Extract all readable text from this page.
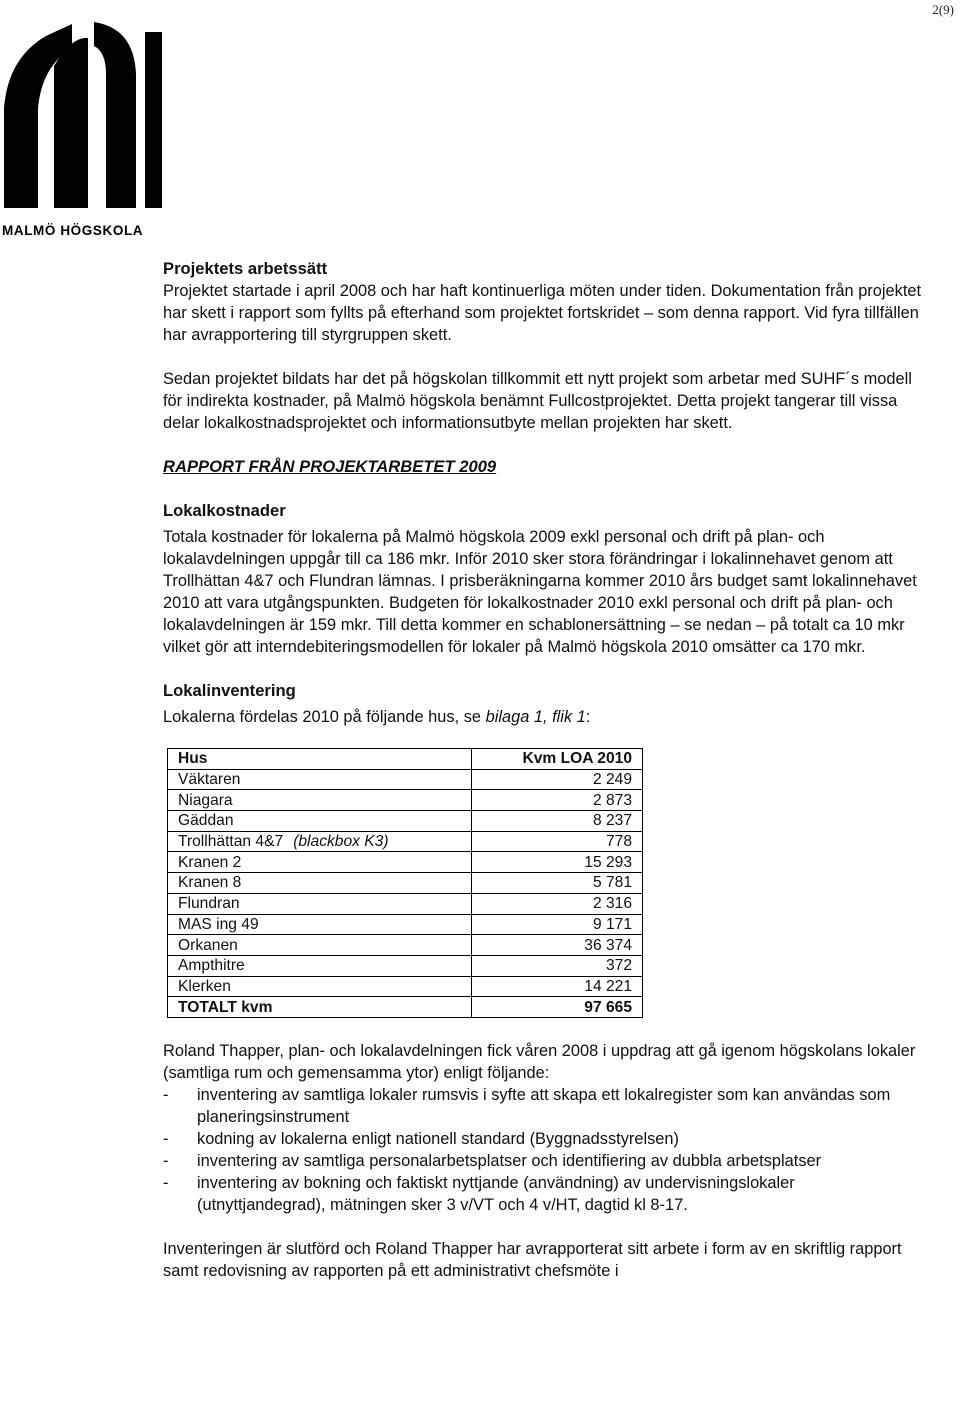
2(9)
MALMÖ HÖGSKOLA
Projektets arbetssätt

Projektet startade i april 2008 och har haft kontinuerliga möten under tiden. Dokumentation från projektet har skett i rapport som fyllts på efterhand som projektet fortskridet – som denna rapport. Vid fyra tillfällen har avrapportering till styrgruppen skett.

Sedan projektet bildats har det på högskolan tillkommit ett nytt projekt som arbetar med SUHF´s modell för indirekta kostnader, på Malmö högskola benämnt Fullcostprojektet. Detta projekt tangerar till vissa delar lokalkostnadsprojektet och informationsutbyte mellan projekten har skett.

RAPPORT FRÅN PROJEKTARBETET 2009
Lokalkostnader

Totala kostnader för lokalerna på Malmö högskola 2009 exkl personal och drift på plan- och lokalavdelningen uppgår till ca 186 mkr. Inför 2010 sker stora förändringar i lokalinnehavet genom att Trollhättan 4&7 och Flundran lämnas. I prisberäkningarna kommer 2010 års budget samt lokalinnehavet 2010 att vara utgångspunkten. Budgeten för lokalkostnader 2010 exkl personal och drift på plan- och lokalavdelningen är 159 mkr. Till detta kommer en schablonersättning – se nedan – på totalt ca 10 mkr vilket gör att interndebiteringsmodellen för lokaler på Malmö högskola 2010 omsätter ca 170 mkr.

Lokalinventering

Lokalerna fördelas 2010 på följande hus, se bilaga 1, flik 1:

Hus	Kvm LOA 2010
Väktaren	2 249
Niagara	2 873
Gäddan	8 237
Trollhättan 4&7 (blackbox K3)	778
Kranen 2	15 293
Kranen 8	5 781
Flundran	2 316
MAS ing 49	9 171
Orkanen	36 374
Ampthitre	372
Klerken	14 221
TOTALT kvm	97 665

Roland Thapper, plan- och lokalavdelningen fick våren 2008 i uppdrag att gå igenom högskolans lokaler (samtliga rum och gemensamma ytor) enligt följande:

- inventering av samtliga lokaler rumsvis i syfte att skapa ett lokalregister som kan användas som planeringsinstrument
- kodning av lokalerna enligt nationell standard (Byggnadsstyrelsen)
- inventering av samtliga personalarbetsplatser och identifiering av dubbla arbetsplatser
- inventering av bokning och faktiskt nyttjande (användning) av undervisningslokaler (utnyttjandegrad), mätningen sker 3 v/VT och 4 v/HT, dagtid kl 8-17.

Inventeringen är slutförd och Roland Thapper har avrapporterat sitt arbete i form av en skriftlig rapport samt redovisning av rapporten på ett administrativt chefsmöte i
